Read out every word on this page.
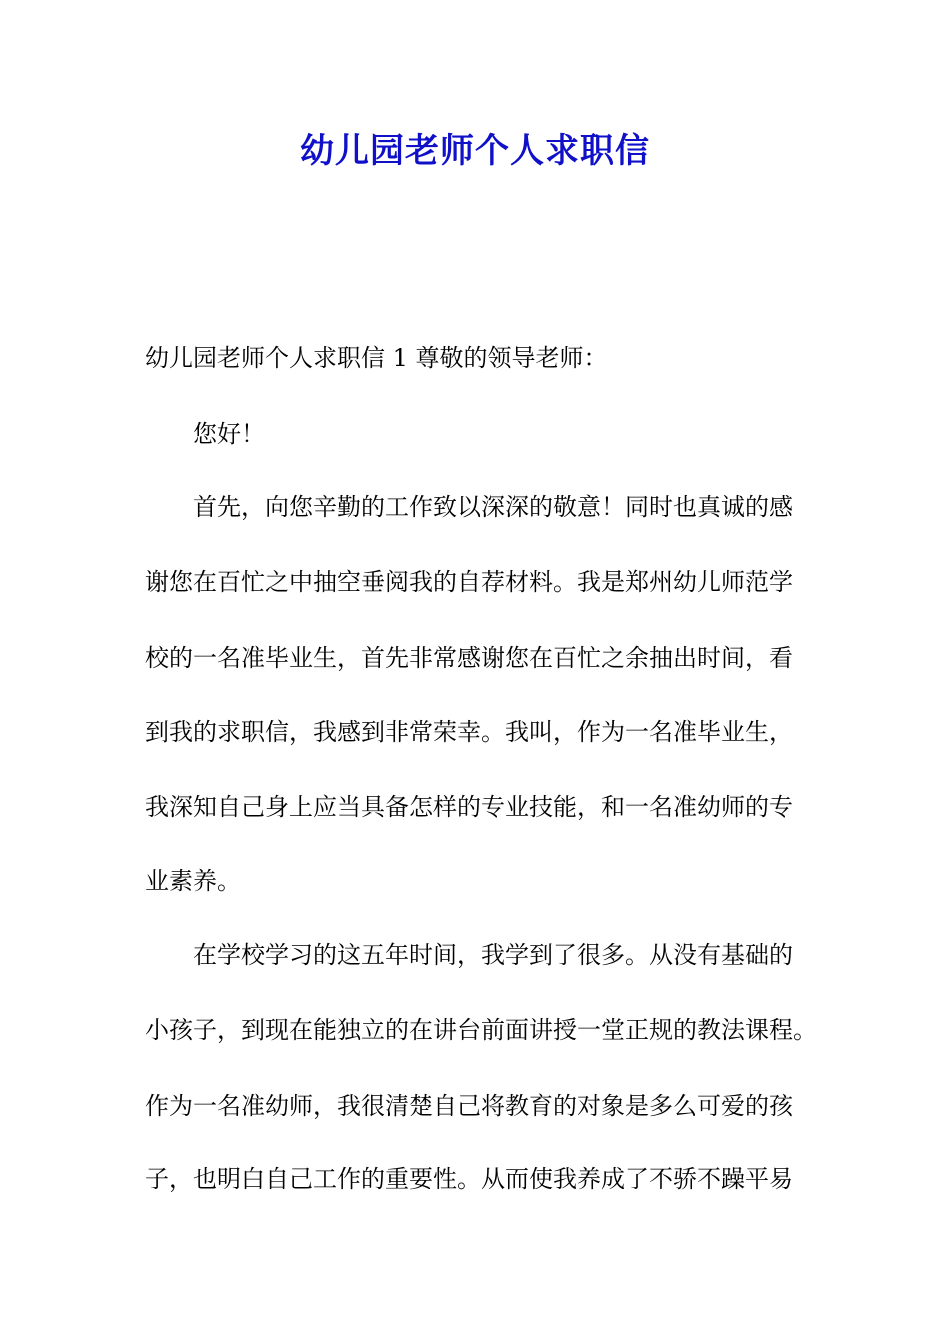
幼儿园老师个人求职信

幼儿园老师个人求职信 1 尊敬的领导老师：

您好！

首先，向您辛勤的工作致以深深的敬意！同时也真诚的感

谢您在百忙之中抽空垂阅我的自荐材料。我是郑州幼儿师范学

校的一名准毕业生，首先非常感谢您在百忙之余抽出时间，看

到我的求职信，我感到非常荣幸。我叫，作为一名准毕业生，

我深知自己身上应当具备怎样的专业技能，和一名准幼师的专

业素养。

在学校学习的这五年时间，我学到了很多。从没有基础的

小孩子，到现在能独立的在讲台前面讲授一堂正规的教法课程。

作为一名准幼师，我很清楚自己将教育的对象是多么可爱的孩

子，也明白自己工作的重要性。从而使我养成了不骄不躁平易
